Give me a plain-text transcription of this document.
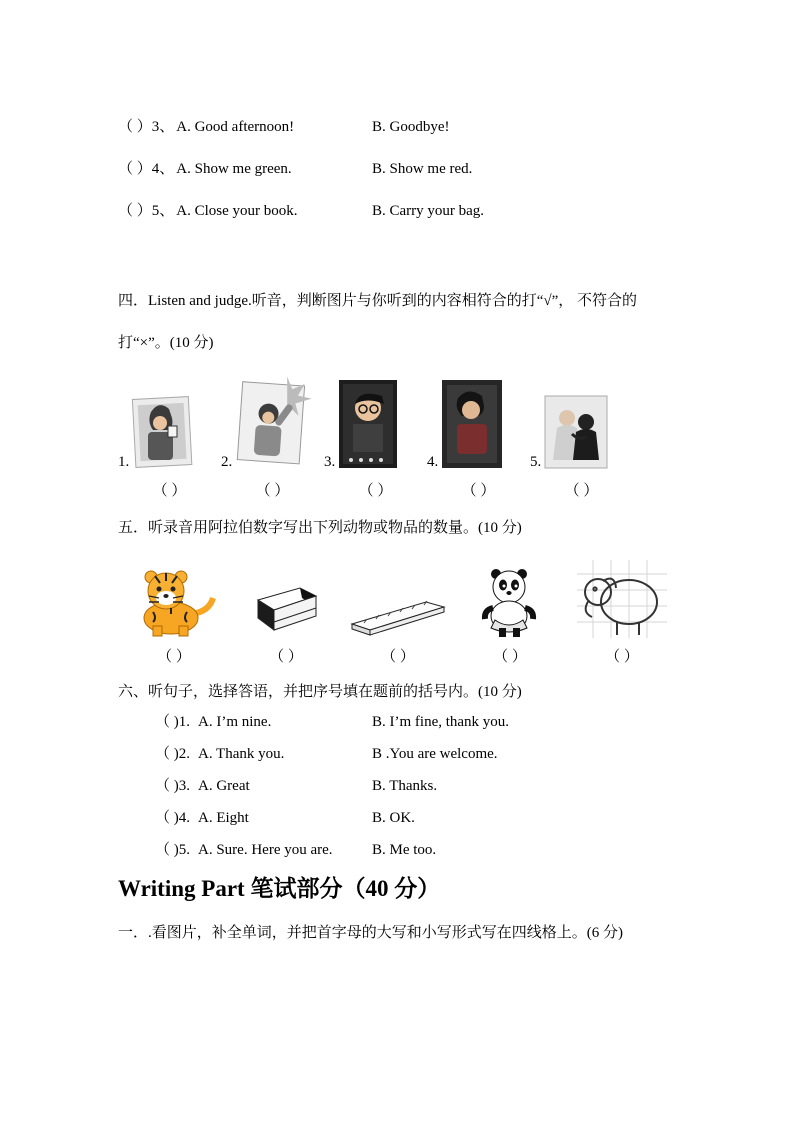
（ ）3、 A. Good afternoon!	B. Goodbye!
（ ）4、 A. Show me green.	B. Show me red.
（ ）5、 A. Close your book.	B. Carry your bag.
四．Listen and judge.听音，判断图片与你听到的内容相符合的打“√”， 不符合的
打“×”。(10 分)
1.	2.	3.	4.	5.
（ ）	（ ）	（ ）	（ ）	（ ）
五．听录音用阿拉伯数字写出下列动物或物品的数量。(10 分)
（ ）	（ ）	（ ）	（ ）	（ ）
六、听句子，选择答语，并把序号填在题前的括号内。(10 分)
（ )1. A. I’m nine.	B. I’m fine, thank you.
（ )2. A. Thank you.	B .You are welcome.
（ )3. A. Great	B. Thanks.
（ )4. A. Eight	B. OK.
（ )5. A. Sure. Here you are.	B. Me too.
Writing Part 笔试部分（40 分）
一．.看图片，补全单词，并把首字母的大写和小写形式写在四线格上。(6 分)
